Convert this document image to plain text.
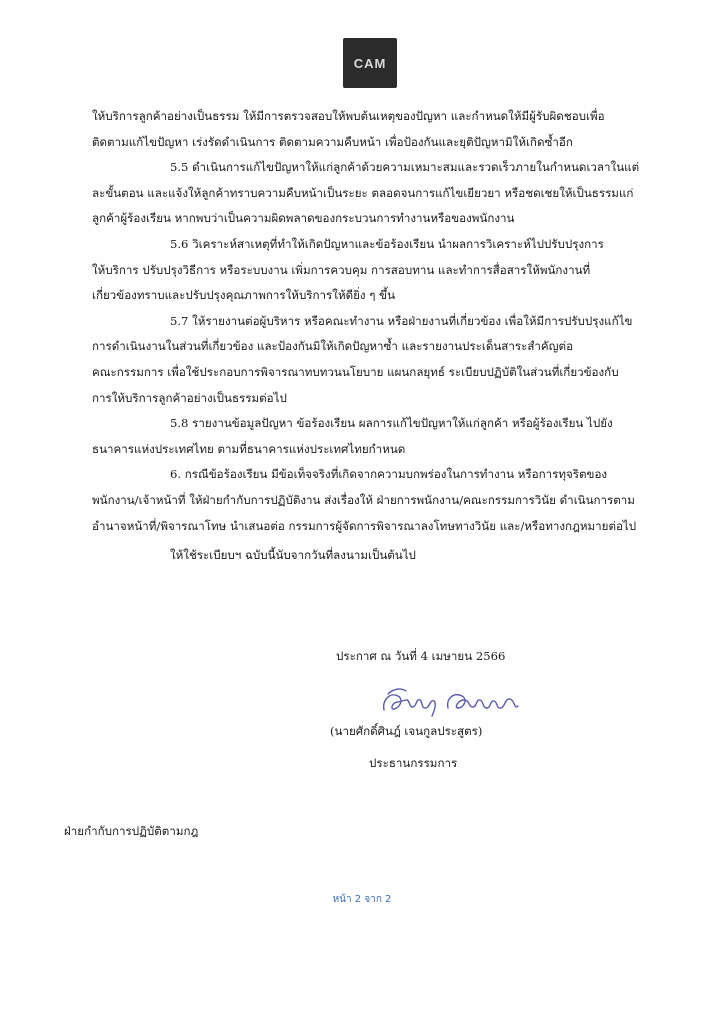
CAM

ให้บริการลูกค้าอย่างเป็นธรรม ให้มีการตรวจสอบให้พบต้นเหตุของปัญหา และกำหนดให้มีผู้รับผิดชอบเพื่อ
ติดตามแก้ไขปัญหา เร่งรัดดำเนินการ ติดตามความคืบหน้า เพื่อป้องกันและยุติปัญหามิให้เกิดซ้ำอีก

5.5 ดำเนินการแก้ไขปัญหาให้แก่ลูกค้าด้วยความเหมาะสมและรวดเร็วภายในกำหนดเวลาในแต่
ละขั้นตอน และแจ้งให้ลูกค้าทราบความคืบหน้าเป็นระยะ ตลอดจนการแก้ไขเยียวยา หรือชดเชยให้เป็นธรรมแก่
ลูกค้าผู้ร้องเรียน หากพบว่าเป็นความผิดพลาดของกระบวนการทำงานหรือของพนักงาน

5.6 วิเคราะห์สาเหตุที่ทำให้เกิดปัญหาและข้อร้องเรียน นำผลการวิเคราะห์ไปปรับปรุงการ
ให้บริการ ปรับปรุงวิธีการ หรือระบบงาน เพิ่มการควบคุม การสอบทาน และทำการสื่อสารให้พนักงานที่
เกี่ยวข้องทราบและปรับปรุงคุณภาพการให้บริการให้ดียิ่ง ๆ ขึ้น

5.7 ให้รายงานต่อผู้บริหาร หรือคณะทำงาน หรือฝ่ายงานที่เกี่ยวข้อง เพื่อให้มีการปรับปรุงแก้ไข
การดำเนินงานในส่วนที่เกี่ยวข้อง และป้องกันมิให้เกิดปัญหาซ้ำ และรายงานประเด็นสาระสำคัญต่อ
คณะกรรมการ เพื่อใช้ประกอบการพิจารณาทบทวนนโยบาย แผนกลยุทธ์ ระเบียบปฏิบัติในส่วนที่เกี่ยวข้องกับ
การให้บริการลูกค้าอย่างเป็นธรรมต่อไป

5.8 รายงานข้อมูลปัญหา ข้อร้องเรียน ผลการแก้ไขปัญหาให้แก่ลูกค้า หรือผู้ร้องเรียน ไปยัง
ธนาคารแห่งประเทศไทย ตามที่ธนาคารแห่งประเทศไทยกำหนด

6. กรณีข้อร้องเรียน มีข้อเท็จจริงที่เกิดจากความบกพร่องในการทำงาน หรือการทุจริตของ
พนักงาน/เจ้าหน้าที่ ให้ฝ่ายกำกับการปฏิบัติงาน ส่งเรื่องให้ ฝ่ายการพนักงาน/คณะกรรมการวินัย ดำเนินการตาม
อำนาจหน้าที่/พิจารณาโทษ นำเสนอต่อ กรรมการผู้จัดการพิจารณาลงโทษทางวินัย และ/หรือทางกฎหมายต่อไป

ให้ใช้ระเบียบฯ ฉบับนี้นับจากวันที่ลงนามเป็นต้นไป

ประกาศ ณ วันที่ 4 เมษายน 2566
(นายศักดิ์ศินฎ์ เจนกูลประสูตร)
ประธานกรรมการ
ฝ่ายกำกับการปฏิบัติตามกฎ
หน้า 2 จาก 2
